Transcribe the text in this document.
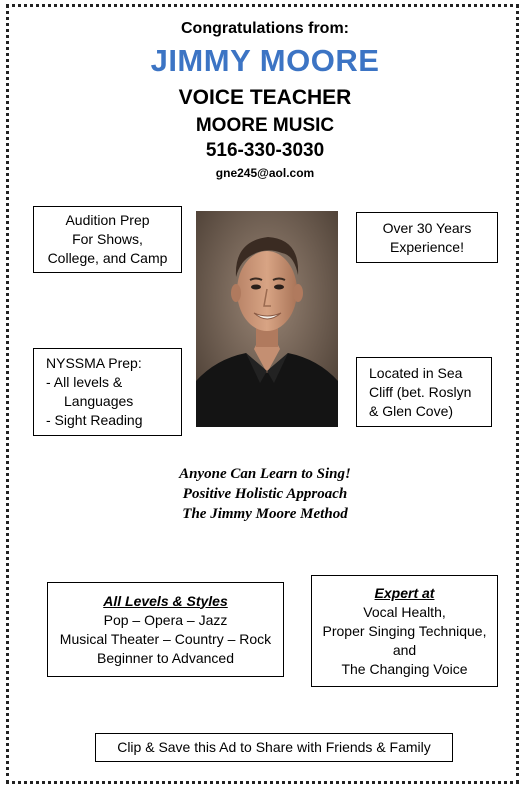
Congratulations from:
JIMMY MOORE
VOICE TEACHER
MOORE MUSIC
516-330-3030
gne245@aol.com
Audition Prep
For Shows,
College, and Camp
Over 30 Years
Experience!
NYSSMA Prep:
- All levels &
Languages
- Sight Reading
Located in Sea
Cliff (bet. Roslyn
& Glen Cove)
Anyone Can Learn to Sing!
Positive Holistic Approach
The Jimmy Moore Method
All Levels & Styles
Pop – Opera – Jazz
Musical Theater – Country – Rock
Beginner to Advanced
Expert at
Vocal Health,
Proper Singing Technique,
and
The Changing Voice
Clip & Save this Ad to Share with Friends & Family
